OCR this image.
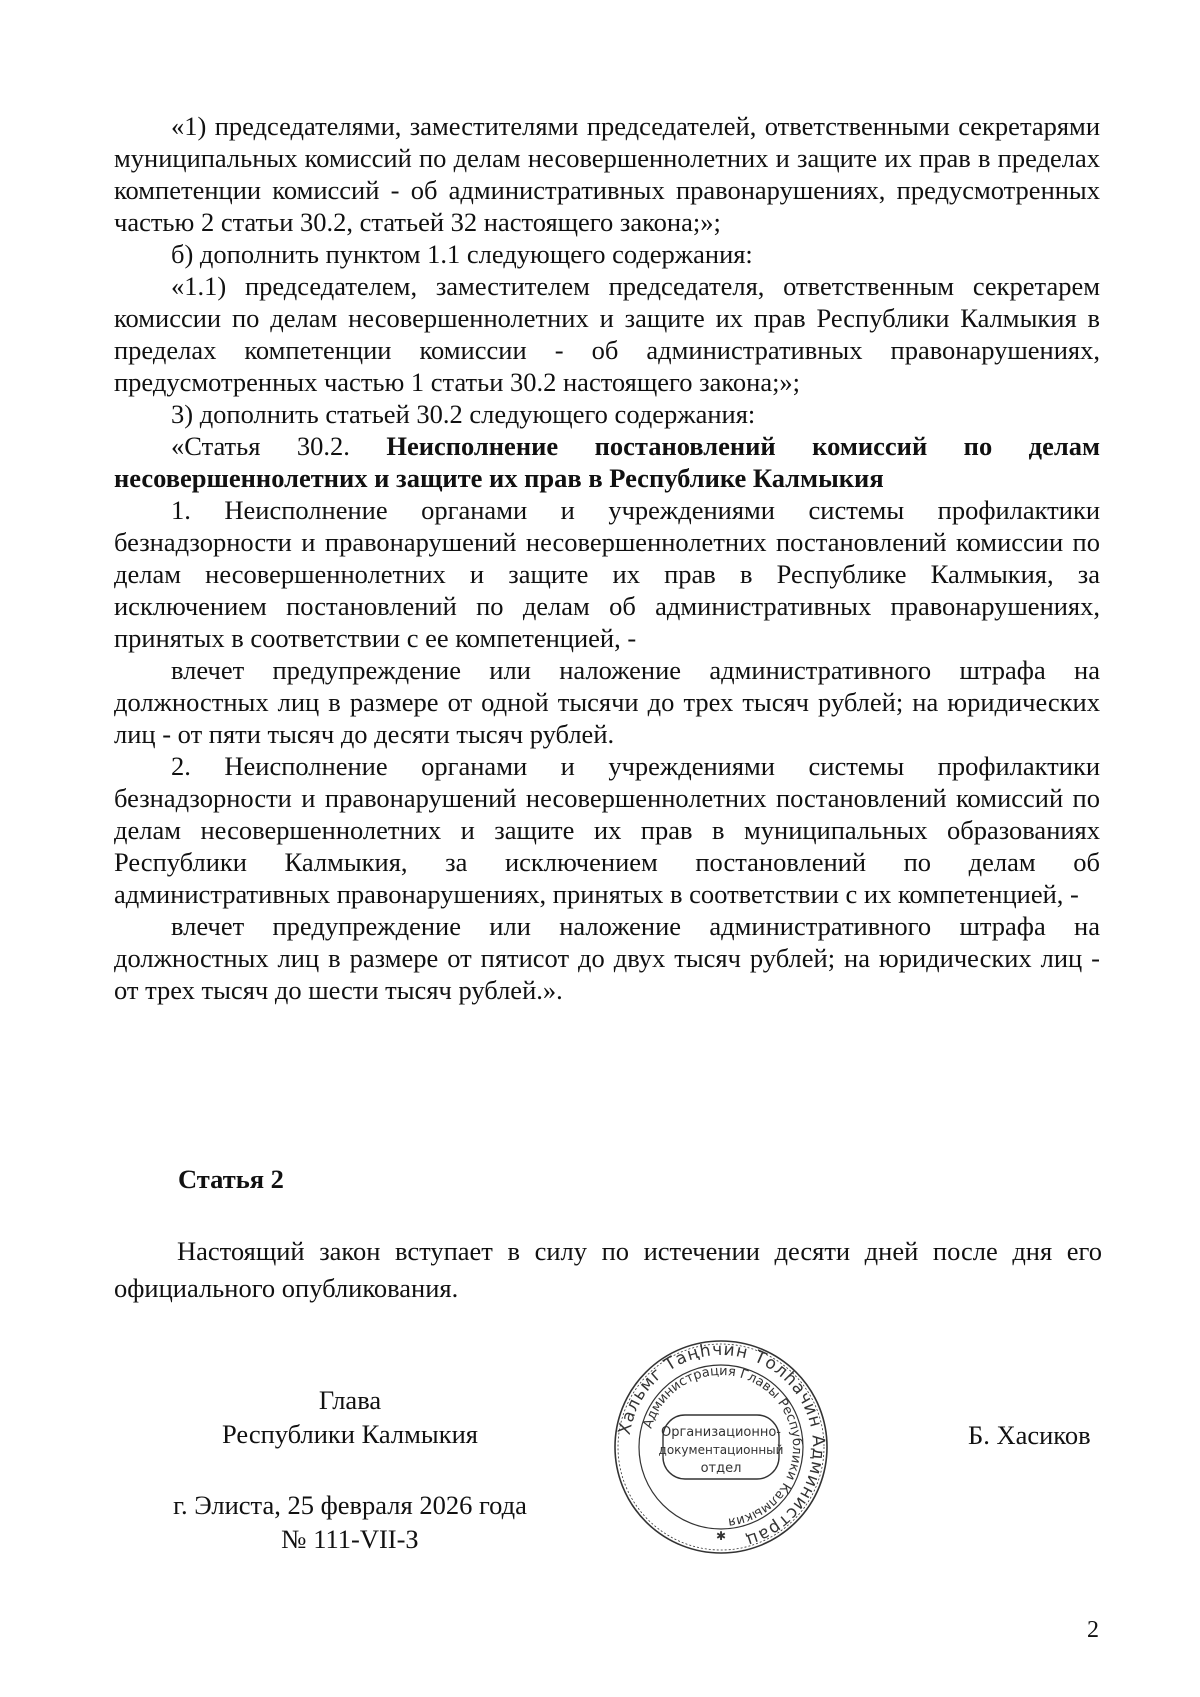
«1) председателями, заместителями председателей, ответственными секретарями муниципальных комиссий по делам несовершеннолетних и защите их прав в пределах компетенции комиссий - об административных правонарушениях, предусмотренных частью 2 статьи 30.2, статьей 32 настоящего закона;»;

б) дополнить пунктом 1.1 следующего содержания:

«1.1) председателем, заместителем председателя, ответственным секретарем комиссии по делам несовершеннолетних и защите их прав Республики Калмыкия в пределах компетенции комиссии - об административных правонарушениях, предусмотренных частью 1 статьи 30.2 настоящего закона;»;

3) дополнить статьей 30.2 следующего содержания:

«Статья 30.2. Неисполнение постановлений комиссий по делам несовершеннолетних и защите их прав в Республике Калмыкия

1. Неисполнение органами и учреждениями системы профилактики безнадзорности и правонарушений несовершеннолетних постановлений комиссии по делам несовершеннолетних и защите их прав в Республике Калмыкия, за исключением постановлений по делам об административных правонарушениях, принятых в соответствии с ее компетенцией, -

влечет предупреждение или наложение административного штрафа на должностных лиц в размере от одной тысячи до трех тысяч рублей; на юридических лиц - от пяти тысяч до десяти тысяч рублей.

2. Неисполнение органами и учреждениями системы профилактики безнадзорности и правонарушений несовершеннолетних постановлений комиссий по делам несовершеннолетних и защите их прав в муниципальных образованиях Республики Калмыкия, за исключением постановлений по делам об административных правонарушениях, принятых в соответствии с их компетенцией, -

влечет предупреждение или наложение административного штрафа на должностных лиц в размере от пятисот до двух тысяч рублей; на юридических лиц - от трех тысяч до шести тысяч рублей.».

Статья 2

Настоящий закон вступает в силу по истечении десяти дней после дня его официального опубликования.

Глава
Республики Калмыкия
г. Элиста, 25 февраля 2026 года
№ 111-VII-З
Хальмг Таңһчин Толһачин Администрац
Администрация Главы Республики Калмыкия
Организационно-
документационный
отдел
✱
Б. Хасиков
2
